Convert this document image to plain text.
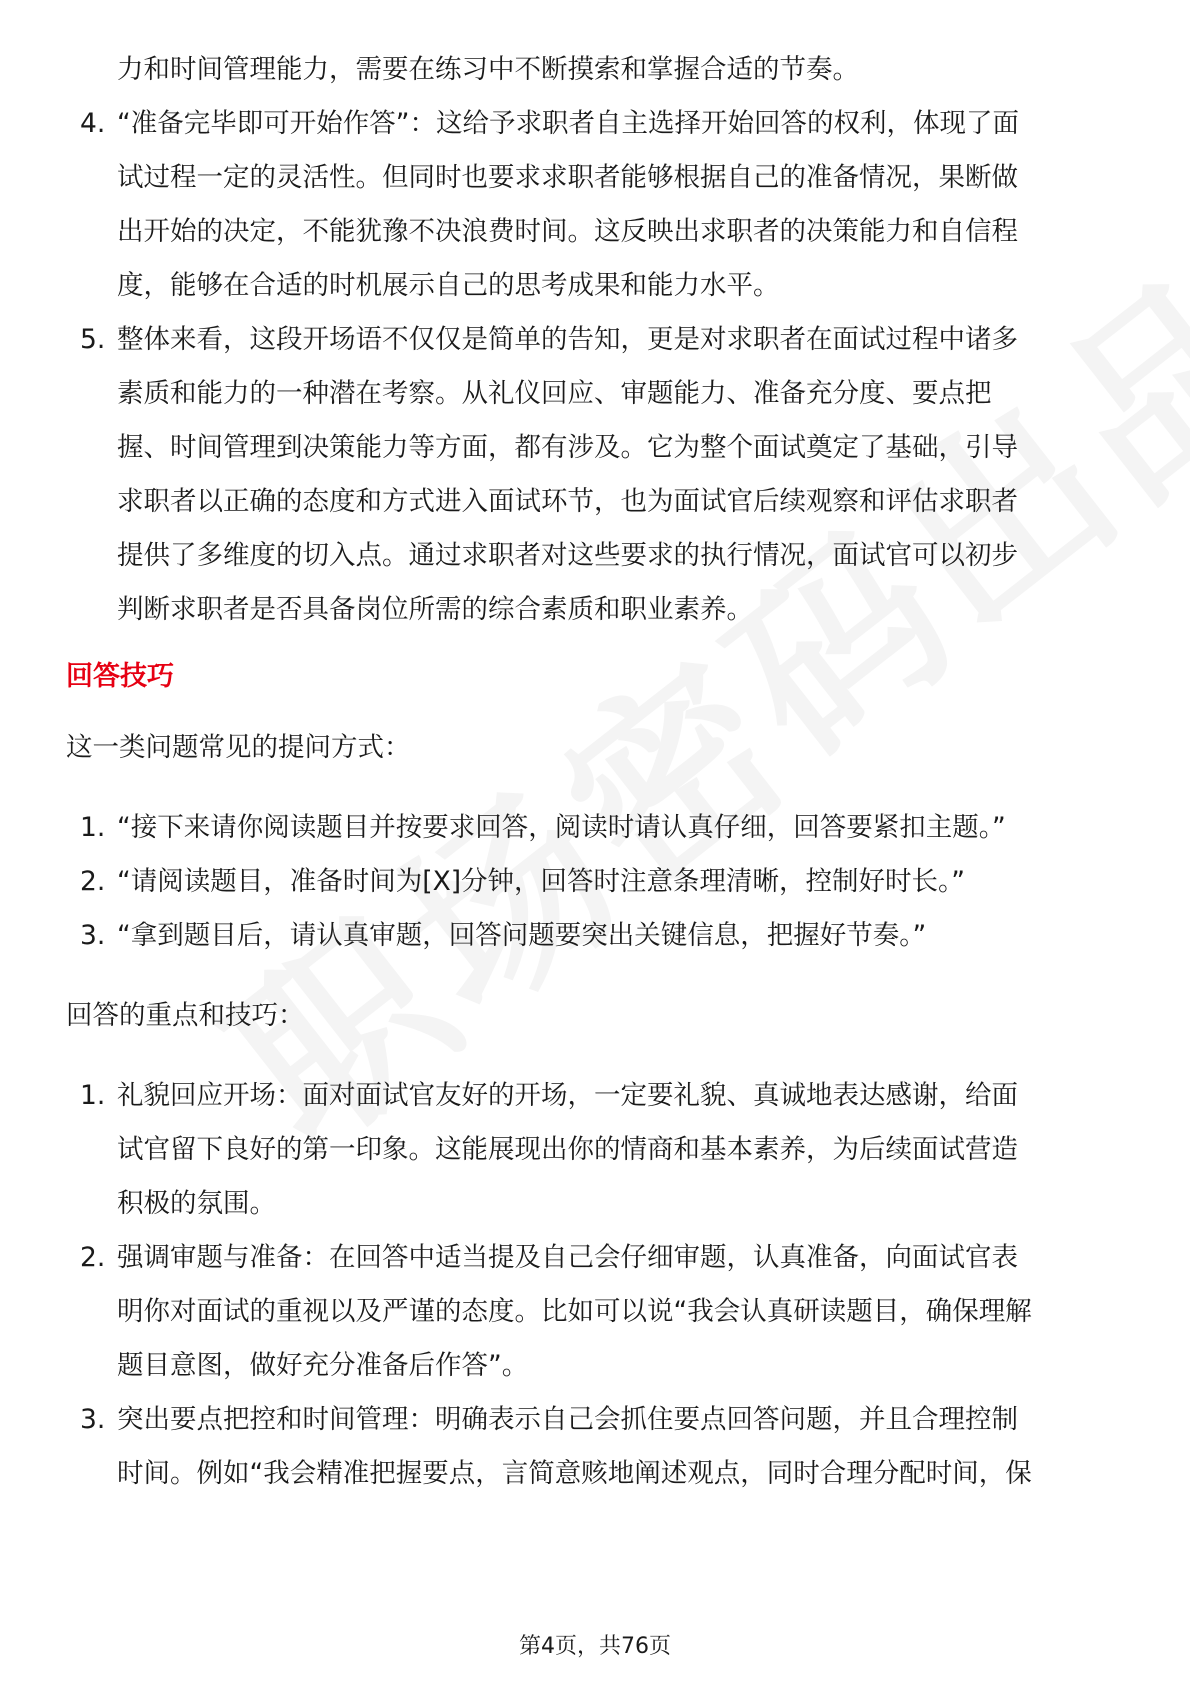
力和时间管理能力，需要在练习中不断摸索和掌握合适的节奏。
4. “准备完毕即可开始作答”：这给予求职者自主选择开始回答的权利，体现了面
试过程一定的灵活性。但同时也要求求职者能够根据自己的准备情况，果断做
出开始的决定，不能犹豫不决浪费时间。这反映出求职者的决策能力和自信程
度，能够在合适的时机展示自己的思考成果和能力水平。
5. 整体来看，这段开场语不仅仅是简单的告知，更是对求职者在面试过程中诸多
素质和能力的一种潜在考察。从礼仪回应、审题能力、准备充分度、要点把
握、时间管理到决策能力等方面，都有涉及。它为整个面试奠定了基础，引导
求职者以正确的态度和方式进入面试环节，也为面试官后续观察和评估求职者
提供了多维度的切入点。通过求职者对这些要求的执行情况，面试官可以初步
判断求职者是否具备岗位所需的综合素质和职业素养。
回答技巧
这一类问题常见的提问方式：
1. “接下来请你阅读题目并按要求回答，阅读时请认真仔细，回答要紧扣主题。”
2. “请阅读题目，准备时间为[X]分钟，回答时注意条理清晰，控制好时长。”
3. “拿到题目后，请认真审题，回答问题要突出关键信息，把握好节奏。”
回答的重点和技巧：
1. 礼貌回应开场：面对面试官友好的开场，一定要礼貌、真诚地表达感谢，给面
试官留下良好的第一印象。这能展现出你的情商和基本素养，为后续面试营造
积极的氛围。
2. 强调审题与准备：在回答中适当提及自己会仔细审题，认真准备，向面试官表
明你对面试的重视以及严谨的态度。比如可以说“我会认真研读题目，确保理解
题目意图，做好充分准备后作答”。
3. 突出要点把控和时间管理：明确表示自己会抓住要点回答问题，并且合理控制
时间。例如“我会精准把握要点，言简意赅地阐述观点，同时合理分配时间，保
第4页，共76页
